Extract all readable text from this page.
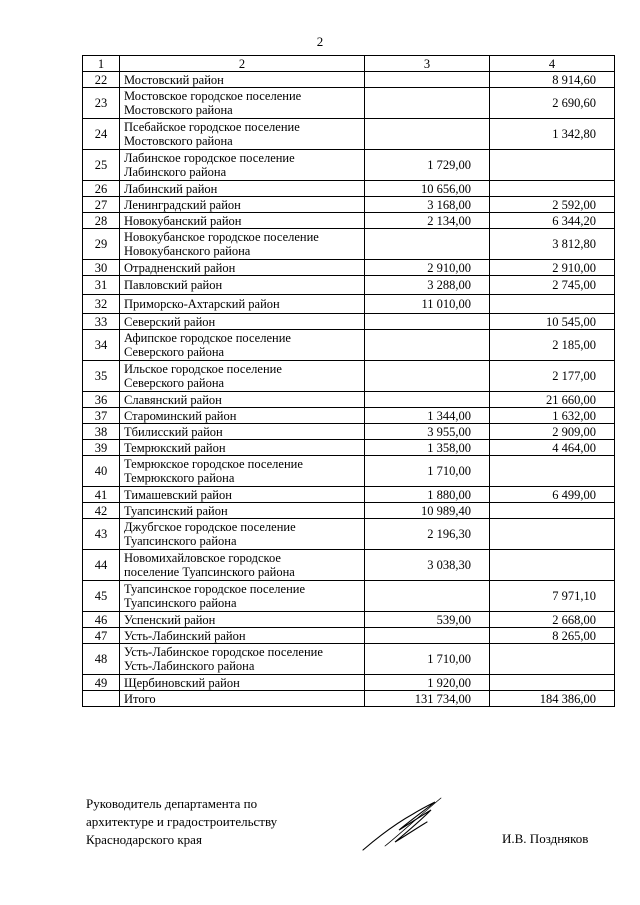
2
1	2	3	4
22	Мостовский район		8 914,60
23	Мостовское городское поселение
Мостовского района		2 690,60
24	Псебайское городское поселение
Мостовского района		1 342,80
25	Лабинское городское поселение
Лабинского района	1 729,00	
26	Лабинский район	10 656,00	
27	Ленинградский район	3 168,00	2 592,00
28	Новокубанский район	2 134,00	6 344,20
29	Новокубанское городское поселение
Новокубанского района		3 812,80
30	Отрадненский район	2 910,00	2 910,00
31	Павловский район	3 288,00	2 745,00
32	Приморско-Ахтарский район	11 010,00	
33	Северский район		10 545,00
34	Афипское городское поселение
Северского района		2 185,00
35	Ильское городское поселение
Северского района		2 177,00
36	Славянский район		21 660,00
37	Староминский район	1 344,00	1 632,00
38	Тбилисский район	3 955,00	2 909,00
39	Темрюкский район	1 358,00	4 464,00
40	Темрюкское городское поселение
Темрюкского района	1 710,00	
41	Тимашевский район	1 880,00	6 499,00
42	Туапсинский район	10 989,40	
43	Джубгское городское поселение
Туапсинского района	2 196,30	
44	Новомихайловское городское
поселение Туапсинского района	3 038,30	
45	Туапсинское городское поселение
Туапсинского района		7 971,10
46	Успенский район	539,00	2 668,00
47	Усть-Лабинский район		8 265,00
48	Усть-Лабинское городское поселение
Усть-Лабинского района	1 710,00	
49	Щербиновский район	1 920,00	
	Итого	131 734,00	184 386,00
Руководитель департамента по
архитектуре и градостроительству
Краснодарского края	И.В. Поздняков
